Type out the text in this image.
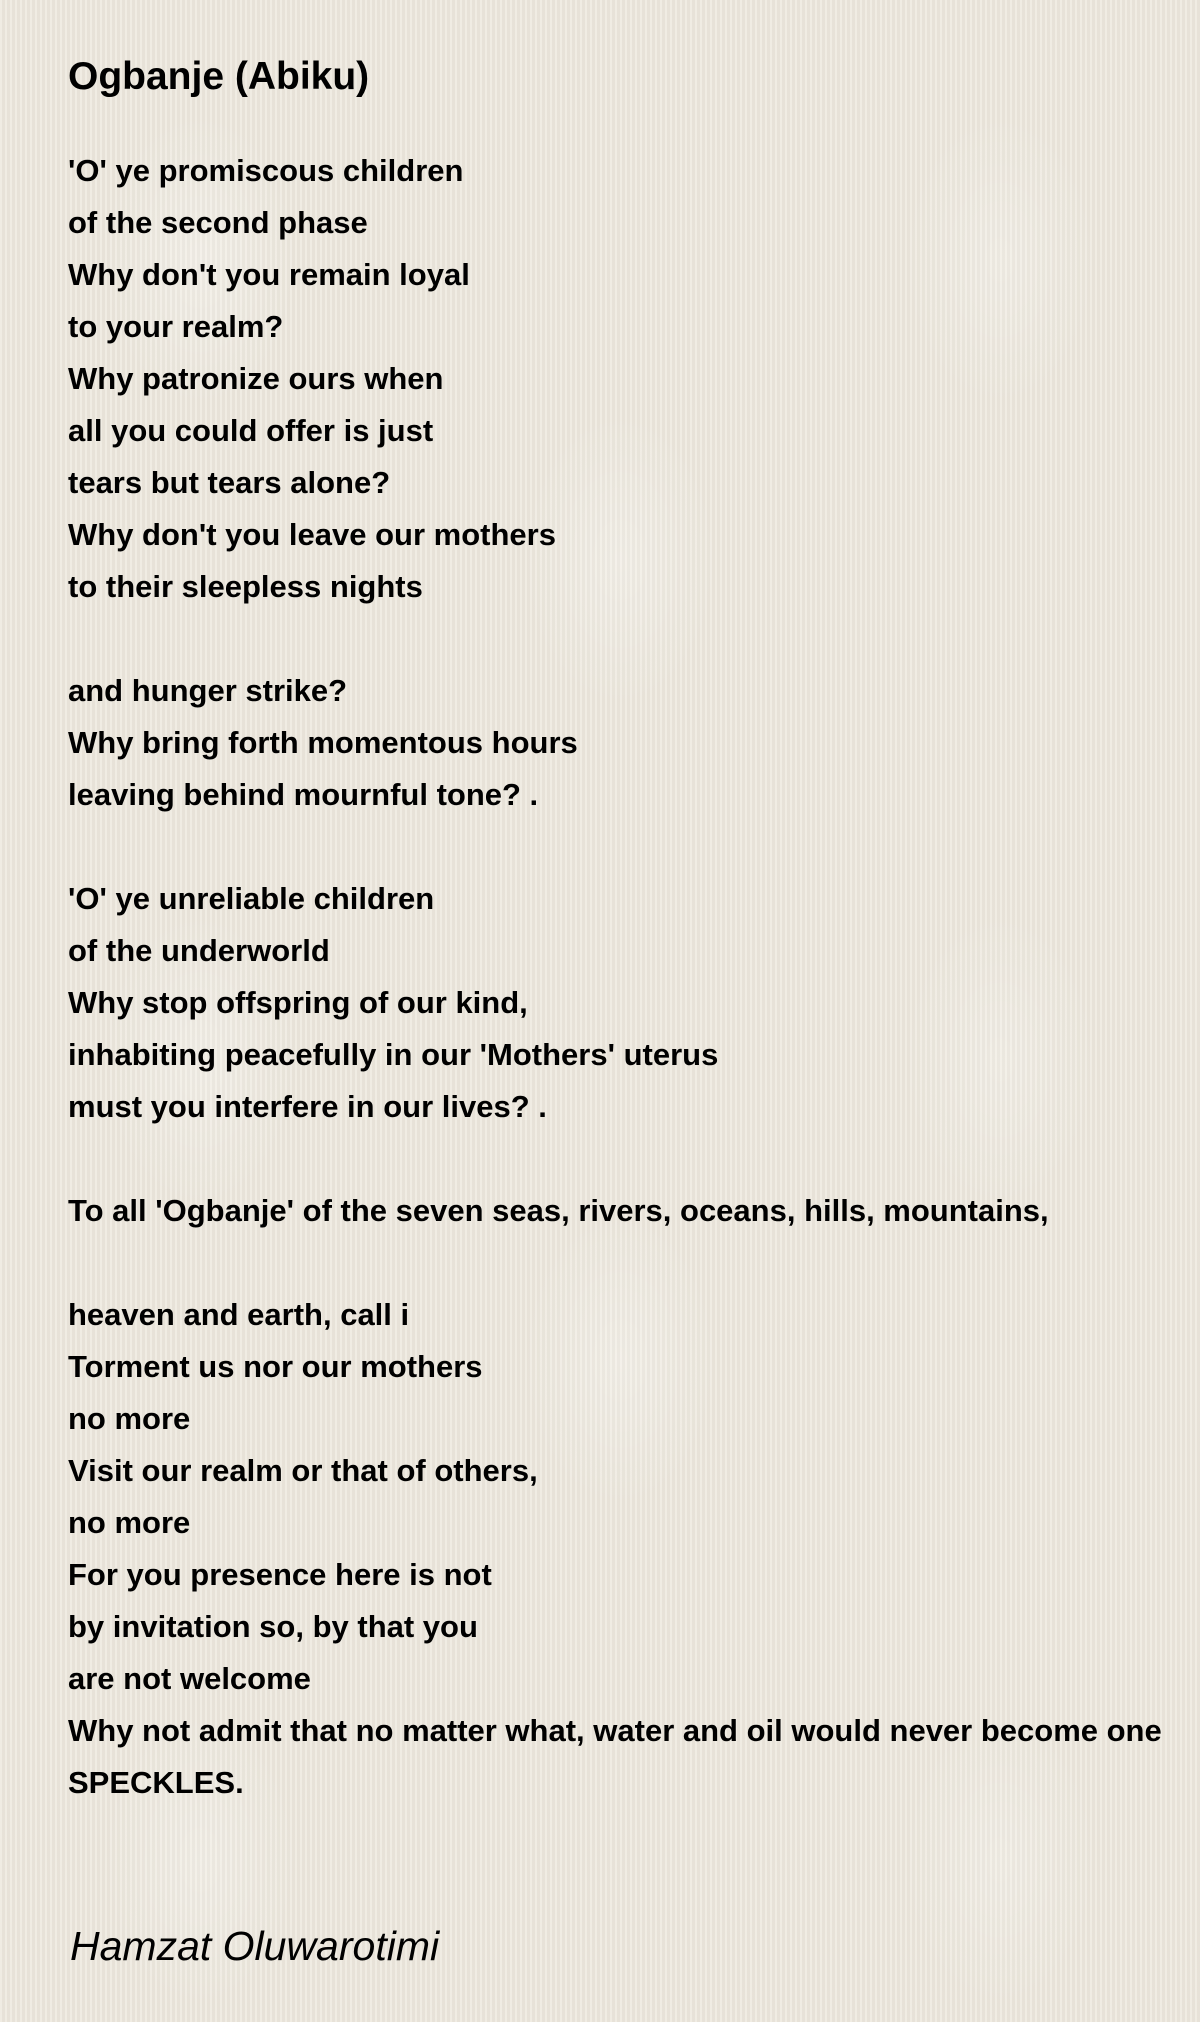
Ogbanje (Abiku)
'O' ye promiscous children
of the second phase
Why don't you remain loyal
to your realm?
Why patronize ours when
all you could offer is just
tears but tears alone?
Why don't you leave our mothers
to their sleepless nights
and hunger strike?
Why bring forth momentous hours
leaving behind mournful tone? .
'O' ye unreliable children
of the underworld
Why stop offspring of our kind,
inhabiting peacefully in our 'Mothers' uterus
must you interfere in our lives? .
To all 'Ogbanje' of the seven seas, rivers, oceans, hills, mountains,
heaven and earth, call i
Torment us nor our mothers
no more
Visit our realm or that of others,
no more
For you presence here is not
by invitation so, by that you
are not welcome
Why not admit that no matter what, water and oil would never become one
SPECKLES.
Hamzat Oluwarotimi
